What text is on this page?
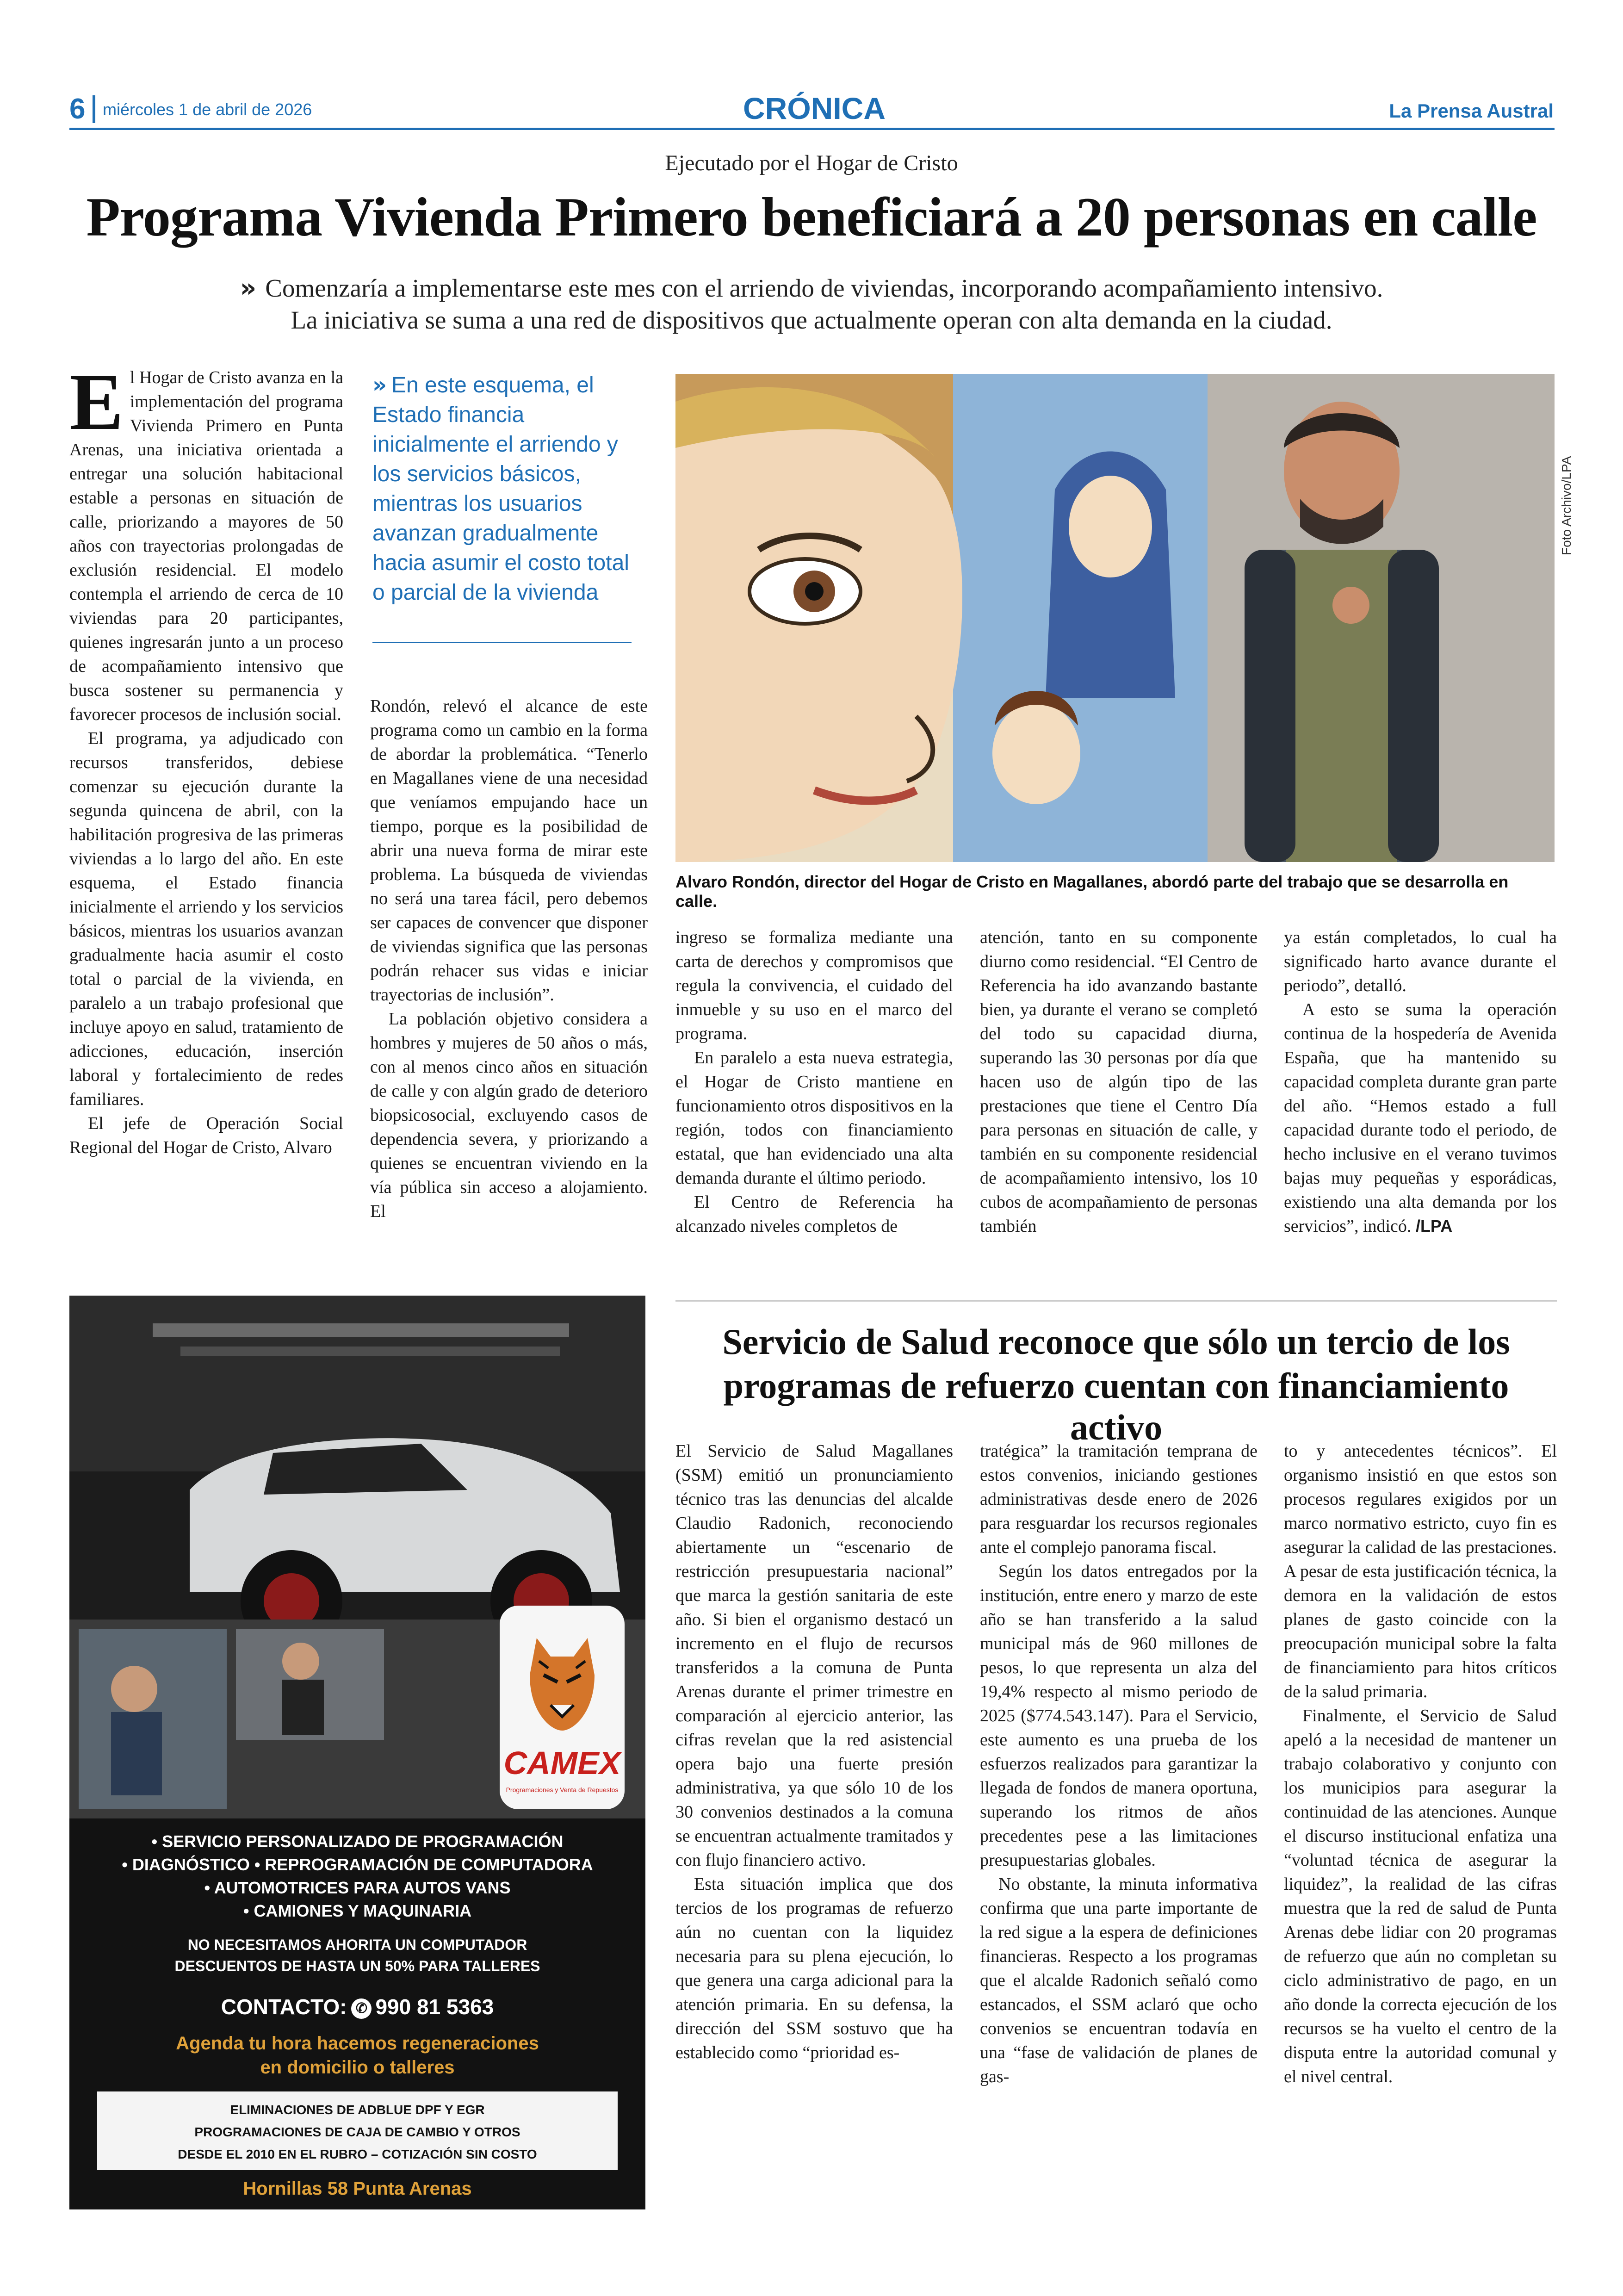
6 miércoles 1 de abril de 2026	CRÓNICA	La Prensa Austral
Ejecutado por el Hogar de Cristo
Programa Vivienda Primero beneficiará a 20 personas en calle
» Comenzaría a implementarse este mes con el arriendo de viviendas, incorporando acompañamiento intensivo.
La iniciativa se suma a una red de dispositivos que actualmente operan con alta demanda en la ciudad.

El Hogar de Cristo avanza en la implementación del programa Vivienda Primero en Punta Arenas, una iniciativa orientada a entregar una solución habitacional estable a personas en situación de calle, priorizando a mayores de 50 años con trayectorias prolongadas de exclusión residencial. El modelo contempla el arriendo de cerca de 10 viviendas para 20 participantes, quienes ingresarán junto a un proceso de acompañamiento intensivo que busca sostener su permanencia y favorecer procesos de inclusión social.

El programa, ya adjudicado con recursos transferidos, debiese comenzar su ejecución durante la segunda quincena de abril, con la habilitación progresiva de las primeras viviendas a lo largo del año. En este esquema, el Estado financia inicialmente el arriendo y los servicios básicos, mientras los usuarios avanzan gradualmente hacia asumir el costo total o parcial de la vivienda, en paralelo a un trabajo profesional que incluye apoyo en salud, tratamiento de adicciones, educación, inserción laboral y fortalecimiento de redes familiares.

El jefe de Operación Social Regional del Hogar de Cristo, Alvaro

» En este esquema, el Estado financia inicialmente el arriendo y los servicios básicos, mientras los usuarios avanzan gradualmente hacia asumir el costo total o parcial de la vivienda

Rondón, relevó el alcance de este programa como un cambio en la forma de abordar la problemática. “Tenerlo en Magallanes viene de una necesidad que veníamos empujando hace un tiempo, porque es la posibilidad de abrir una nueva forma de mirar este problema. La búsqueda de viviendas no será una tarea fácil, pero debemos ser capaces de convencer que disponer de viviendas significa que las personas podrán rehacer sus vidas e iniciar trayectorias de inclusión”.

La población objetivo considera a hombres y mujeres de 50 años o más, con al menos cinco años en situación de calle y con algún grado de deterioro biopsicosocial, excluyendo casos de dependencia severa, y priorizando a quienes se encuentran viviendo en la vía pública sin acceso a alojamiento. El

Foto Archivo/LPA
Alvaro Rondón, director del Hogar de Cristo en Magallanes, abordó parte del trabajo que se desarrolla en calle.

ingreso se formaliza mediante una carta de derechos y compromisos que regula la convivencia, el cuidado del inmueble y su uso en el marco del programa.

En paralelo a esta nueva estrategia, el Hogar de Cristo mantiene en funcionamiento otros dispositivos en la región, todos con financiamiento estatal, que han evidenciado una alta demanda durante el último periodo.

El Centro de Referencia ha alcanzado niveles completos de

atención, tanto en su componente diurno como residencial. “El Centro de Referencia ha ido avanzando bastante bien, ya durante el verano se completó del todo su capacidad diurna, superando las 30 personas por día que hacen uso de algún tipo de las prestaciones que tiene el Centro Día para personas en situación de calle, y también en su componente residencial de acompañamiento intensivo, los 10 cubos de acompañamiento de personas también

ya están completados, lo cual ha significado harto avance durante el periodo”, detalló.

A esto se suma la operación continua de la hospedería de Avenida España, que ha mantenido su capacidad completa durante gran parte del año. “Hemos estado a full capacidad durante todo el periodo, de hecho inclusive en el verano tuvimos bajas muy pequeñas y esporádicas, existiendo una alta demanda por los servicios”, indicó. /LPA

CAMEX
Programaciones y Venta de Repuestos
• SERVICIO PERSONALIZADO DE PROGRAMACIÓN
• DIAGNÓSTICO • REPROGRAMACIÓN DE COMPUTADORA
• AUTOMOTRICES PARA AUTOS VANS
• CAMIONES Y MAQUINARIA
NO NECESITAMOS AHORITA UN COMPUTADOR
DESCUENTOS DE HASTA UN 50% PARA TALLERES
CONTACTO: ✆ 990 81 5363
Agenda tu hora hacemos regeneraciones
en domicilio o talleres
ELIMINACIONES DE ADBLUE DPF Y EGR
PROGRAMACIONES DE CAJA DE CAMBIO Y OTROS
DESDE EL 2010 EN EL RUBRO – COTIZACIÓN SIN COSTO
Hornillas 58 Punta Arenas
Servicio de Salud reconoce que sólo un tercio de los
programas de refuerzo cuentan con financiamiento activo

El Servicio de Salud Magallanes (SSM) emitió un pronunciamiento técnico tras las denuncias del alcalde Claudio Radonich, reconociendo abiertamente un “escenario de restricción presupuestaria nacional” que marca la gestión sanitaria de este año. Si bien el organismo destacó un incremento en el flujo de recursos transferidos a la comuna de Punta Arenas durante el primer trimestre en comparación al ejercicio anterior, las cifras revelan que la red asistencial opera bajo una fuerte presión administrativa, ya que sólo 10 de los 30 convenios destinados a la comuna se encuentran actualmente tramitados y con flujo financiero activo.

Esta situación implica que dos tercios de los programas de refuerzo aún no cuentan con la liquidez necesaria para su plena ejecución, lo que genera una carga adicional para la atención primaria. En su defensa, la dirección del SSM sostuvo que ha establecido como “prioridad es-

tratégica” la tramitación temprana de estos convenios, iniciando gestiones administrativas desde enero de 2026 para resguardar los recursos regionales ante el complejo panorama fiscal.

Según los datos entregados por la institución, entre enero y marzo de este año se han transferido a la salud municipal más de 960 millones de pesos, lo que representa un alza del 19,4% respecto al mismo periodo de 2025 ($774.543.147). Para el Servicio, este aumento es una prueba de los esfuerzos realizados para garantizar la llegada de fondos de manera oportuna, superando los ritmos de años precedentes pese a las limitaciones presupuestarias globales.

No obstante, la minuta informativa confirma que una parte importante de la red sigue a la espera de definiciones financieras. Respecto a los programas que el alcalde Radonich señaló como estancados, el SSM aclaró que ocho convenios se encuentran todavía en una “fase de validación de planes de gas-

to y antecedentes técnicos”. El organismo insistió en que estos son procesos regulares exigidos por un marco normativo estricto, cuyo fin es asegurar la calidad de las prestaciones. A pesar de esta justificación técnica, la demora en la validación de estos planes de gasto coincide con la preocupación municipal sobre la falta de financiamiento para hitos críticos de la salud primaria.

Finalmente, el Servicio de Salud apeló a la necesidad de mantener un trabajo colaborativo y conjunto con los municipios para asegurar la continuidad de las atenciones. Aunque el discurso institucional enfatiza una “voluntad técnica de asegurar la liquidez”, la realidad de las cifras muestra que la red de salud de Punta Arenas debe lidiar con 20 programas de refuerzo que aún no completan su ciclo administrativo de pago, en un año donde la correcta ejecución de los recursos se ha vuelto el centro de la disputa entre la autoridad comunal y el nivel central.
